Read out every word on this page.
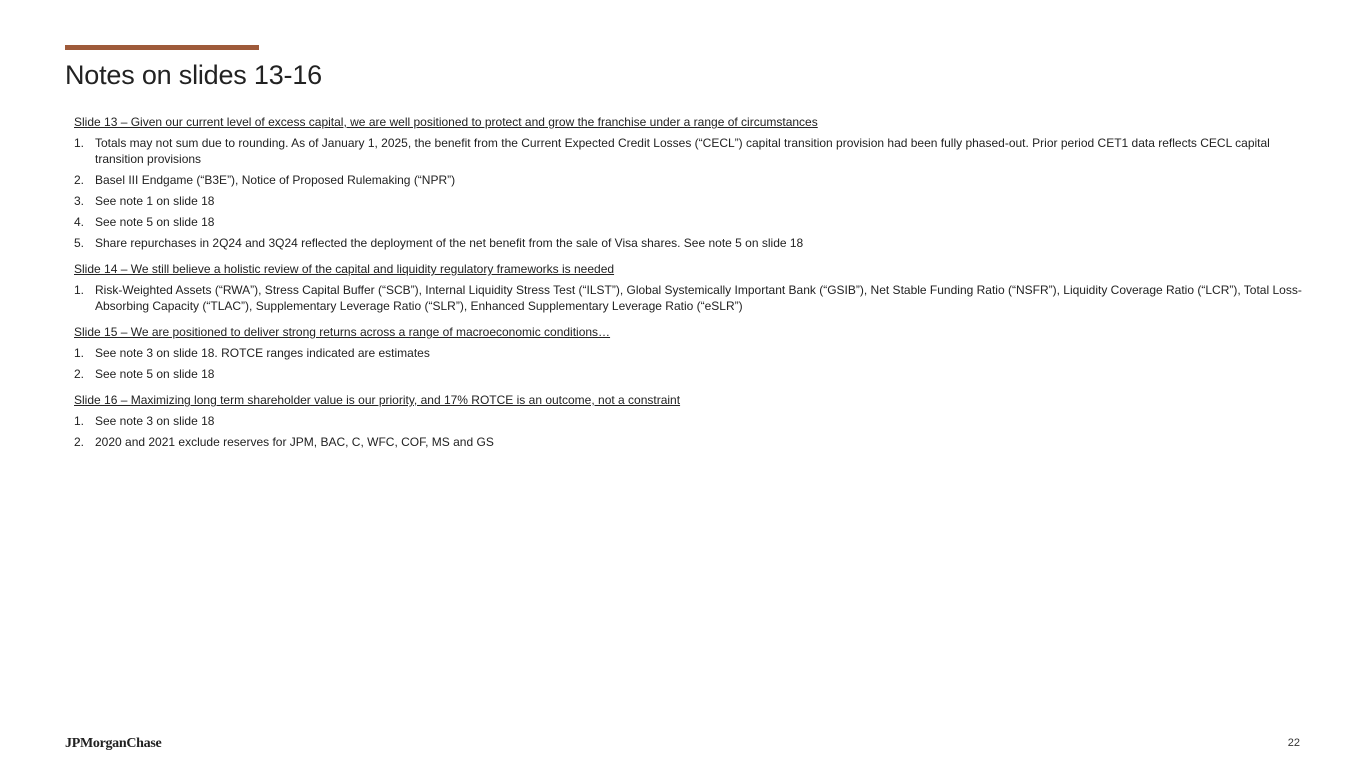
Notes on slides 13-16
Slide 13 – Given our current level of excess capital, we are well positioned to protect and grow the franchise under a range of circumstances
1. Totals may not sum due to rounding. As of January 1, 2025, the benefit from the Current Expected Credit Losses (“CECL”) capital transition provision had been fully phased-out. Prior period CET1 data reflects CECL capital transition provisions
2. Basel III Endgame (“B3E”), Notice of Proposed Rulemaking (“NPR”)
3. See note 1 on slide 18
4. See note 5 on slide 18
5. Share repurchases in 2Q24 and 3Q24 reflected the deployment of the net benefit from the sale of Visa shares. See note 5 on slide 18
Slide 14 – We still believe a holistic review of the capital and liquidity regulatory frameworks is needed
1. Risk-Weighted Assets (“RWA”), Stress Capital Buffer (“SCB”), Internal Liquidity Stress Test (“ILST”), Global Systemically Important Bank (“GSIB”), Net Stable Funding Ratio (“NSFR”), Liquidity Coverage Ratio (“LCR”), Total Loss-Absorbing Capacity (“TLAC”), Supplementary Leverage Ratio (“SLR”), Enhanced Supplementary Leverage Ratio (“eSLR”)
Slide 15 – We are positioned to deliver strong returns across a range of macroeconomic conditions…
1. See note 3 on slide 18. ROTCE ranges indicated are estimates
2. See note 5 on slide 18
Slide 16 – Maximizing long term shareholder value is our priority, and 17% ROTCE is an outcome, not a constraint
1. See note 3 on slide 18
2. 2020 and 2021 exclude reserves for JPM, BAC, C, WFC, COF, MS and GS
JPMorganChase	22
